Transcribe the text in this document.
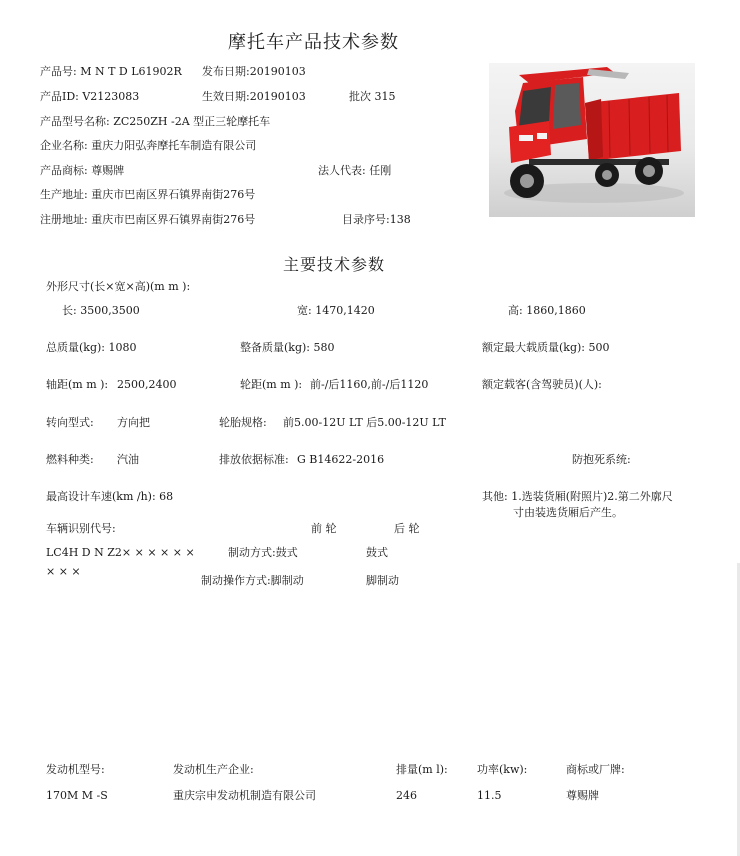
摩托车产品技术参数
产品号: M N T D L61902R 发布日期:20190103
产品ID: V2123083	生效日期:20190103	批次 315
产品型号名称: ZC250ZH -2A 型正三轮摩托车
企业名称: 重庆力阳弘奔摩托车制造有限公司
产品商标: 尊赐牌	法人代表: 任刚
生产地址: 重庆市巴南区界石镇界南街276号
注册地址: 重庆市巴南区界石镇界南街276号	目录序号:138
主要技术参数
外形尺寸(长×宽×高)(m m ):
长: 3500,3500	宽: 1470,1420	高: 1860,1860
总质量(kg): 1080	整备质量(kg): 580	额定最大载质量(kg): 500
轴距(m m ): 2500,2400	轮距(m m ): 前-/后1160,前-/后1120	额定载客(含驾驶员)(人):
转向型式: 方向把	轮胎规格: 前5.00-12U LT 后5.00-12U LT
燃料种类: 汽油	排放依据标准: G B14622-2016	防抱死系统:
最高设计车速(km /h): 68	其他: 1.选装货厢(附照片)2.第二外廓尺
寸由装选货厢后产生。
车辆识别代号:	前 轮	后 轮
LC4H D N Z2× × × × × ×	制动方式:鼓式	鼓式
× × ×
制动操作方式:脚制动	脚制动
发动机型号:	发动机生产企业:	排量(m l):	功率(kw):	商标或厂牌:
170M M -S	重庆宗申发动机制造有限公司	246	11.5	尊赐牌
